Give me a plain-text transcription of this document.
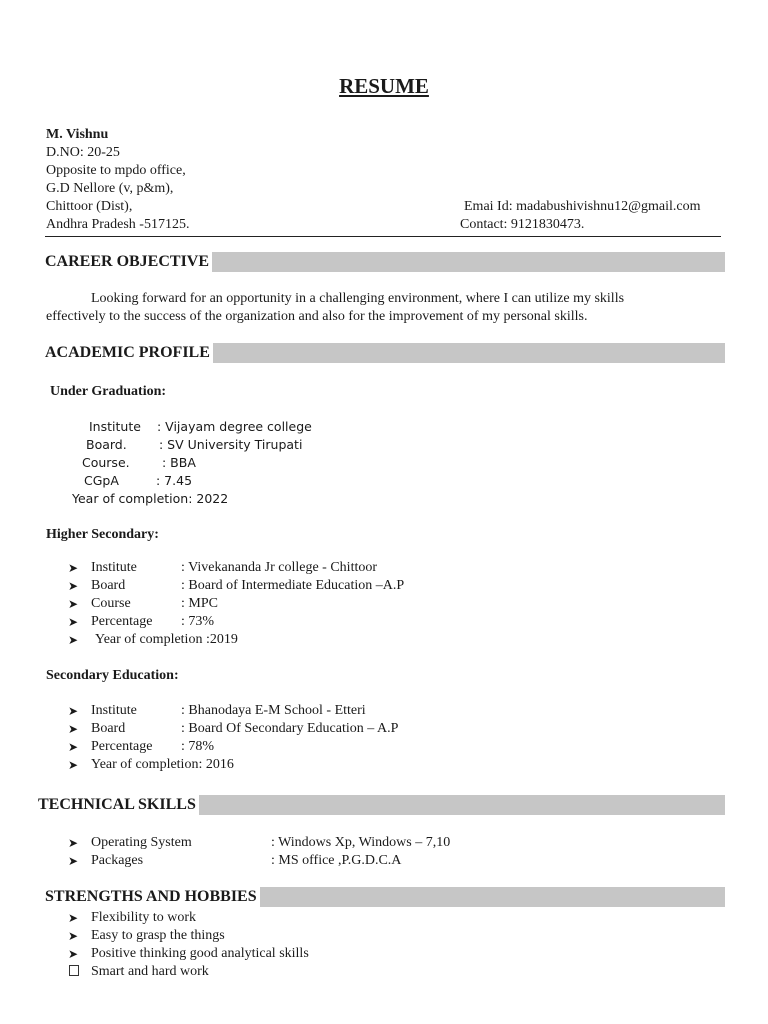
RESUME
M. Vishnu
D.NO: 20-25
Opposite to mpdo office,
G.D Nellore (v, p&m),
Chittoor (Dist),
Andhra Pradesh -517125.
Emai Id: madabushivishnu12@gmail.com
Contact: 9121830473.
CAREER OBJECTIVE
Looking forward for an opportunity in a challenging environment, where I can utilize my skills
effectively to the success of the organization and also for the improvement of my personal skills.
ACADEMIC PROFILE
Under Graduation:
Institute : Vijayam degree college
Board.	: SV University Tirupati
Course.	: BBA
CGpA	: 7.45
Year of completion: 2022
Higher Secondary:
➤ Institute	: Vivekananda Jr college - Chittoor
➤ Board	: Board of Intermediate Education –A.P
➤ Course	: MPC
➤ Percentage : 73%
➤ Year of completion :2019
Secondary Education:
➤ Institute	: Bhanodaya E-M School - Etteri
➤ Board	: Board Of Secondary Education – A.P
➤ Percentage : 78%
➤ Year of completion: 2016
TECHNICAL SKILLS
➤ Operating System	: Windows Xp, Windows – 7,10
➤ Packages	: MS office ,P.G.D.C.A
STRENGTHS AND HOBBIES
➤ Flexibility to work
➤ Easy to grasp the things
➤ Positive thinking good analytical skills
Smart and hard work
